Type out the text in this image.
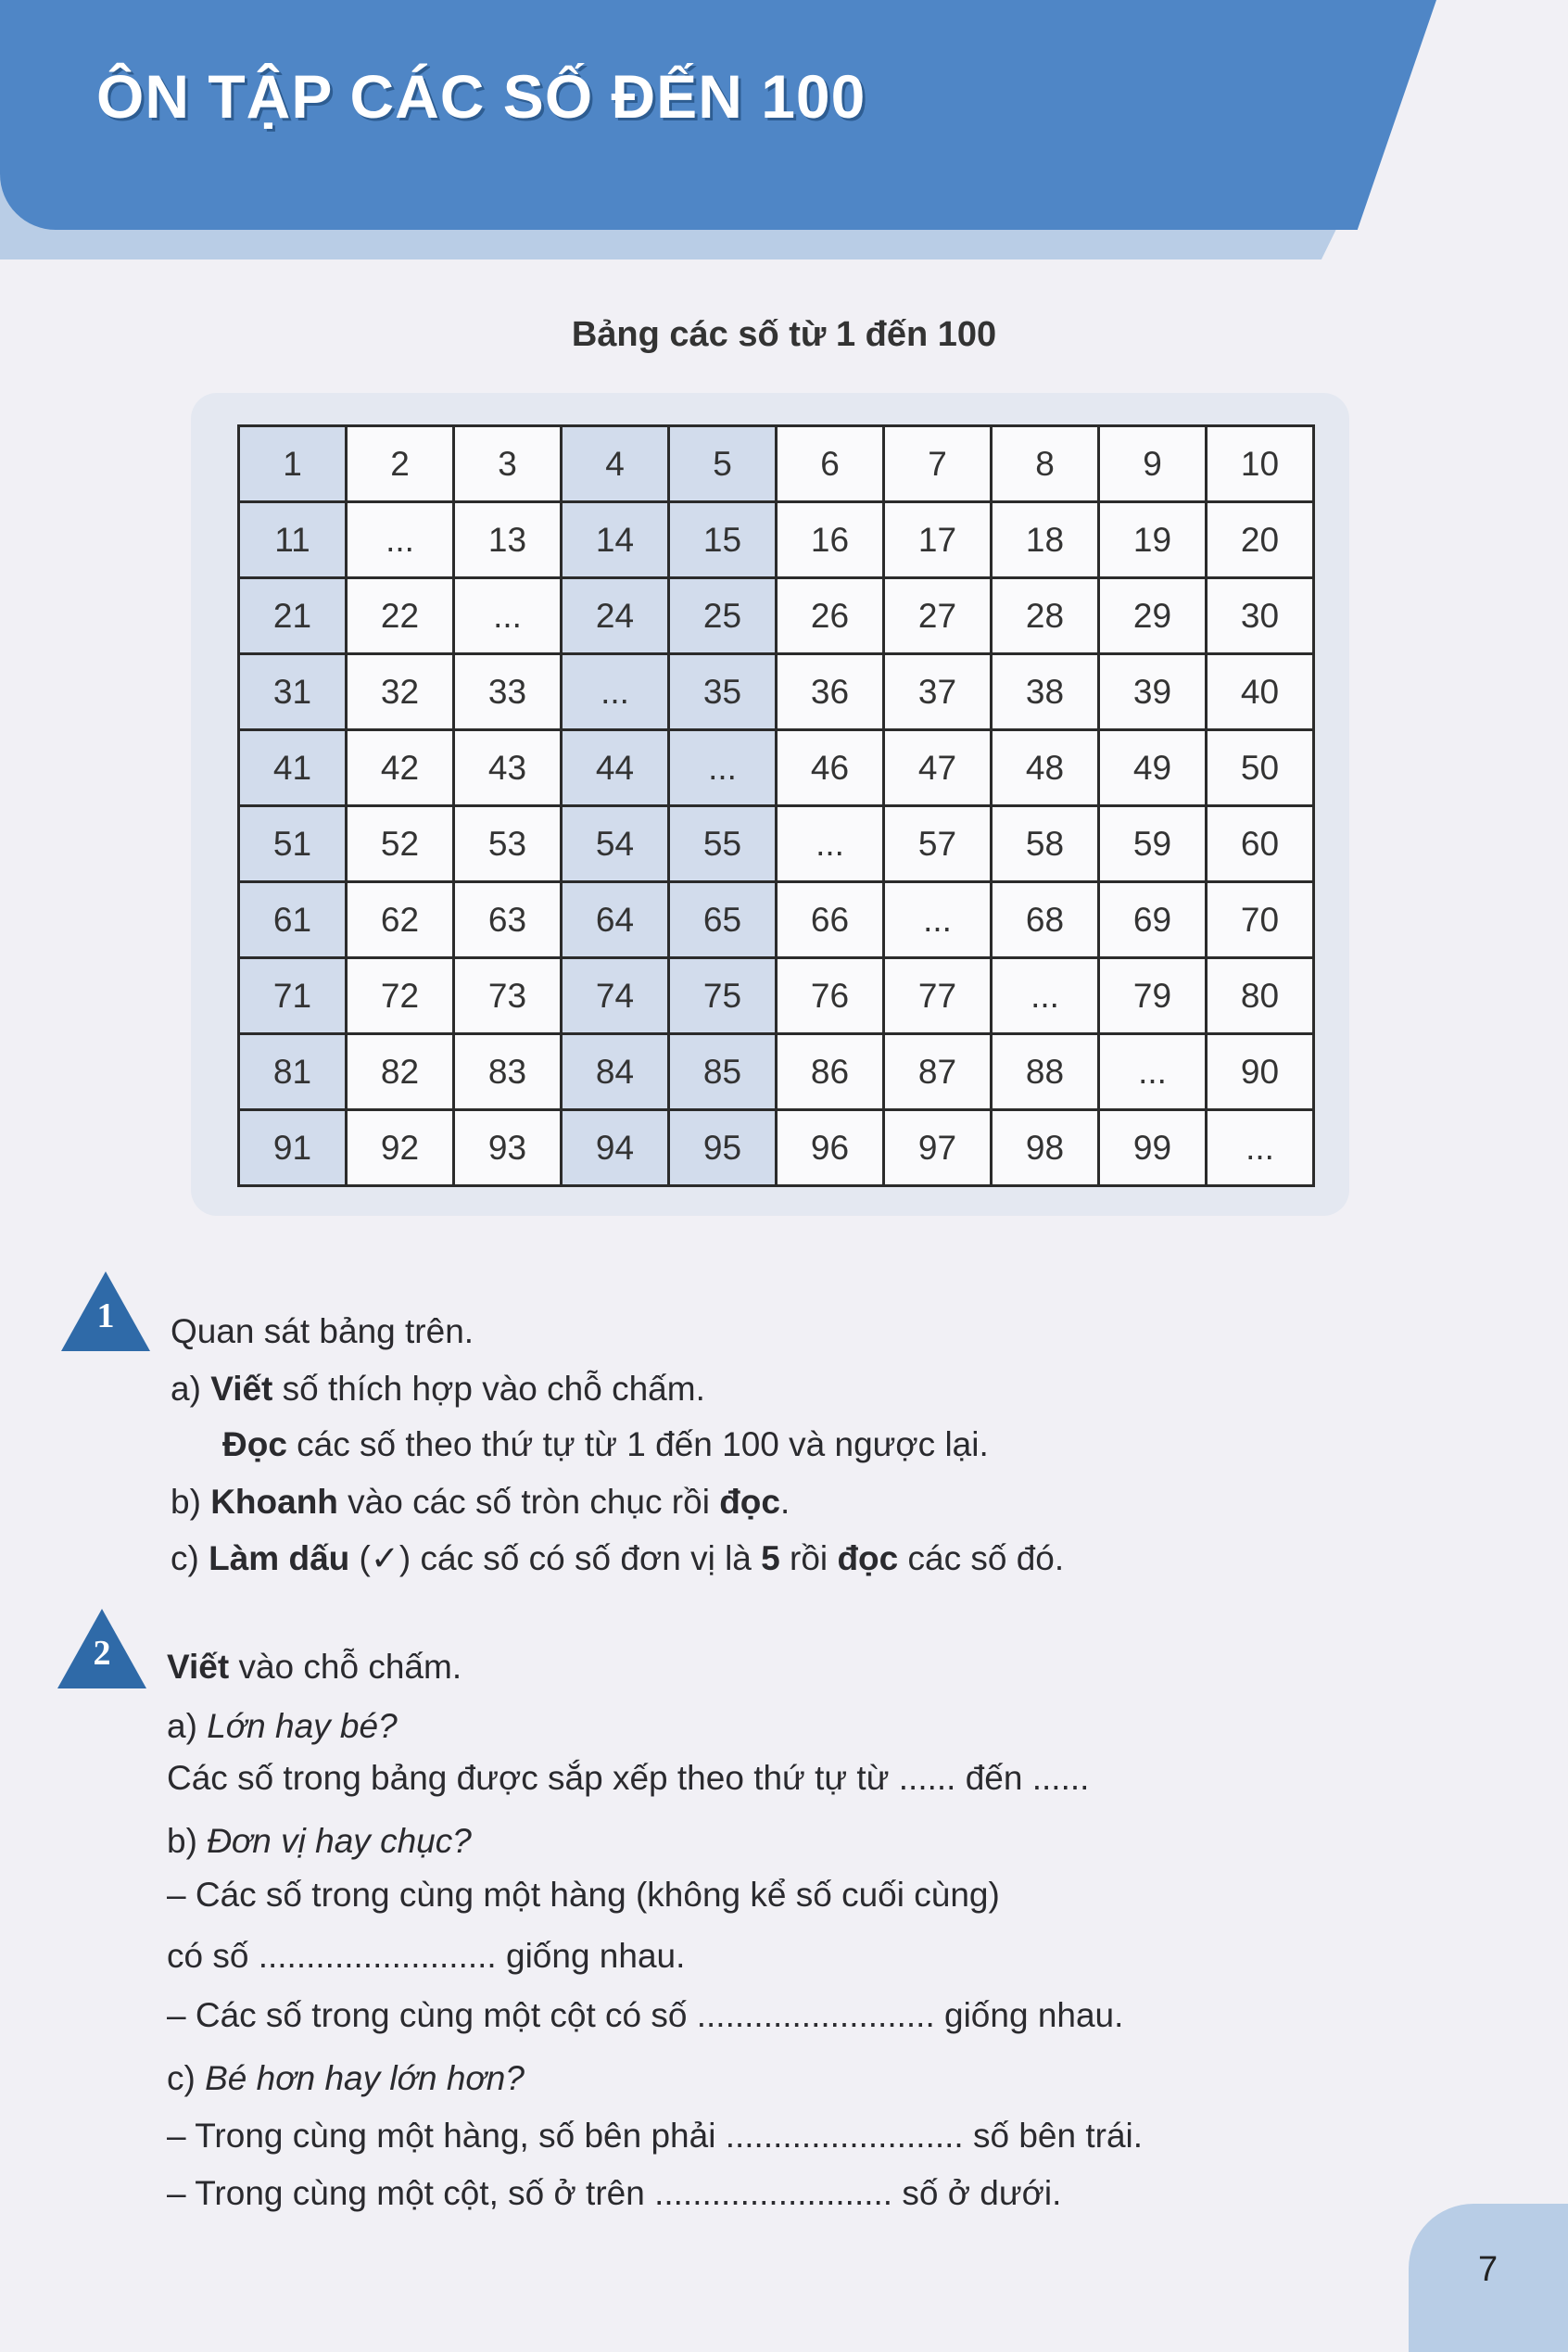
ÔN TẬP CÁC SỐ ĐẾN 100
Bảng các số từ 1 đến 100
1	2	3	4	5	6	7	8	9	10
11	...	13	14	15	16	17	18	19	20
21	22	...	24	25	26	27	28	29	30
31	32	33	...	35	36	37	38	39	40
41	42	43	44	...	46	47	48	49	50
51	52	53	54	55	...	57	58	59	60
61	62	63	64	65	66	...	68	69	70
71	72	73	74	75	76	77	...	79	80
81	82	83	84	85	86	87	88	...	90
91	92	93	94	95	96	97	98	99	...
1	Quan sát bảng trên.
a) Viết số thích hợp vào chỗ chấm.
Đọc các số theo thứ tự từ 1 đến 100 và ngược lại.
b) Khoanh vào các số tròn chục rồi đọc.
c) Làm dấu (✓) các số có số đơn vị là 5 rồi đọc các số đó.
2	Viết vào chỗ chấm.
a) Lớn hay bé?
Các số trong bảng được sắp xếp theo thứ tự từ ...... đến ......
b) Đơn vị hay chục?
– Các số trong cùng một hàng (không kể số cuối cùng)
có số ......................... giống nhau.
– Các số trong cùng một cột có số ......................... giống nhau.
c) Bé hơn hay lớn hơn?
– Trong cùng một hàng, số bên phải ......................... số bên trái.
– Trong cùng một cột, số ở trên ......................... số ở dưới.
7
